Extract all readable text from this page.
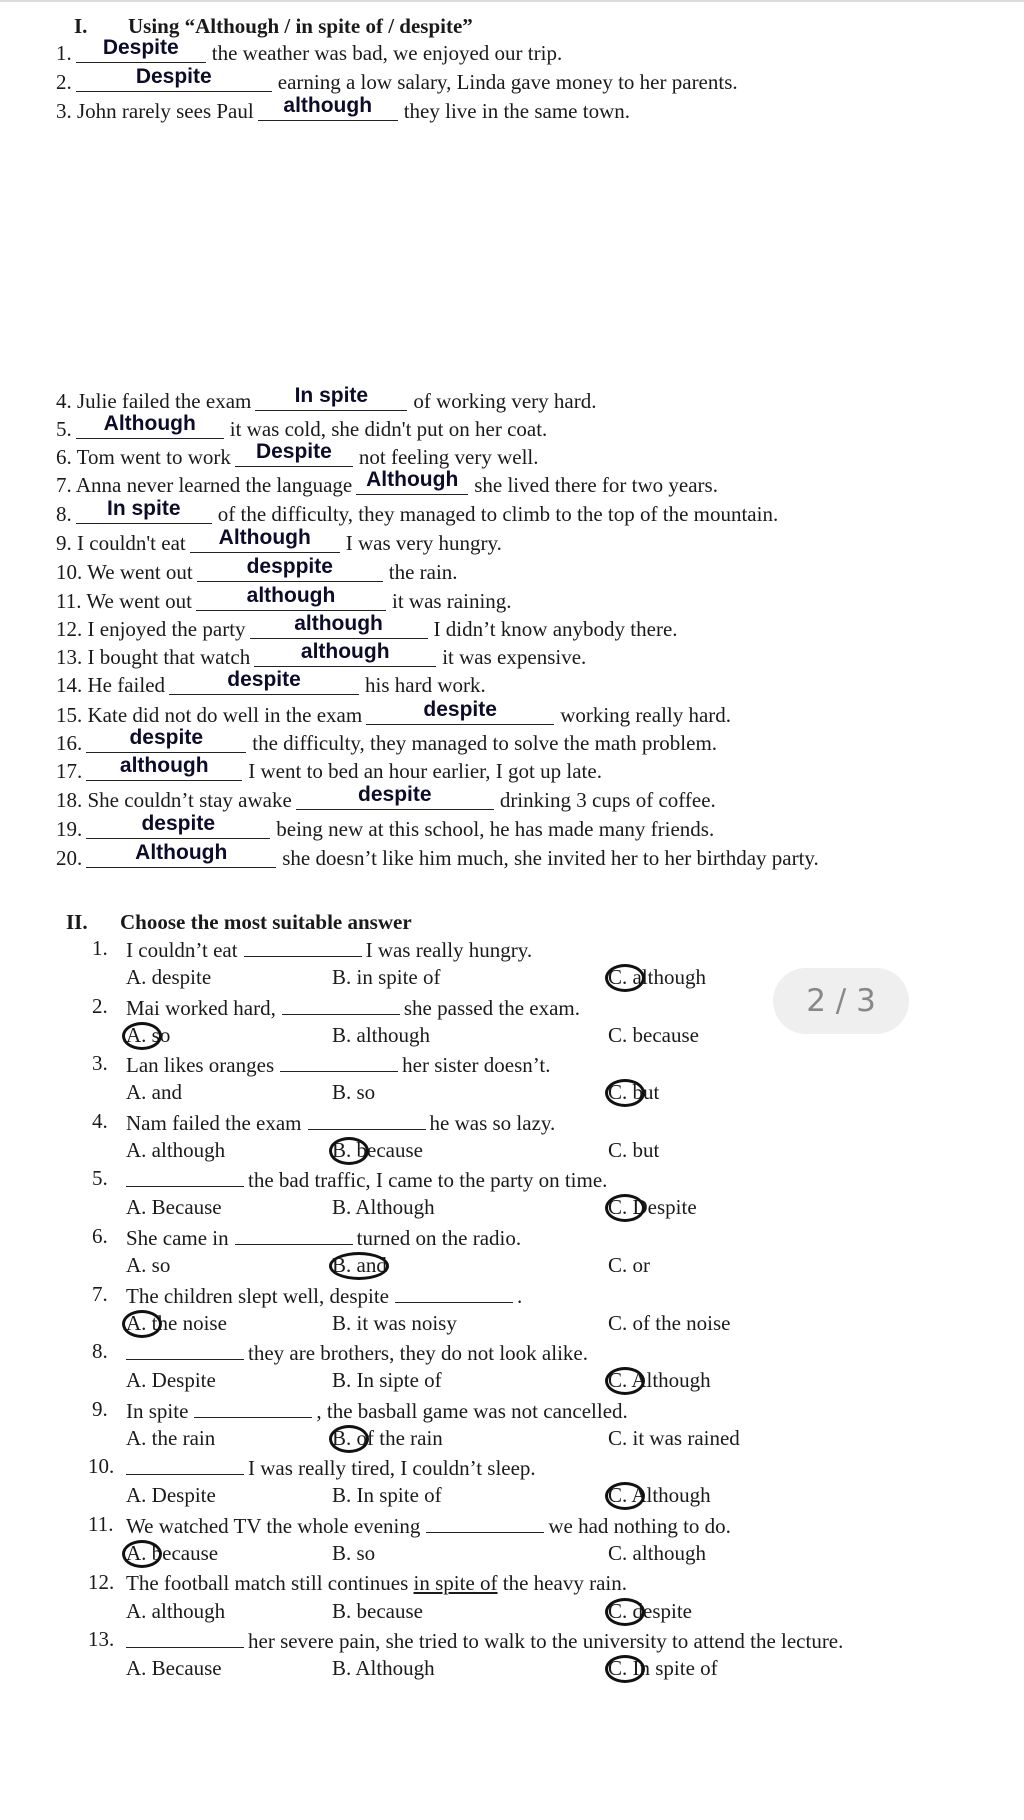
I. Using “Although / in spite of / despite”
1. Despite the weather was bad, we enjoyed our trip.
2.	Despite	earning a low salary, Linda gave money to her parents.
3. John rarely sees Paul although they live in the same town.
4. Julie failed the exam In spite of working very hard.
5. Although it was cold, she didn't put on her coat.
6. Tom went to work Despite not feeling very well.
7. Anna never learned the language Although she lived there for two years.
8. In spite of the difficulty, they managed to climb to the top of the mountain.
9. I couldn't eat Although I was very hungry.
10. We went out	desppite	the rain.
11. We went out	although	it was raining.
12. I enjoyed the party although I didn’t know anybody there.
13. I bought that watch although	it was expensive.
14. He failed	despite	his hard work.
15. Kate did not do well in the exam	despite	working really hard.
16. despite the difficulty, they managed to solve the math problem.
17. although I went to bed an hour earlier, I got up late.
18. She couldn’t stay awake	despite	drinking 3 cups of coffee.
19.	despite	being new at this school, he has made many friends.
20.	Although	she doesn’t like him much, she invited her to her birthday party.
II. Choose the most suitable answer
1. I couldn’t eat	I was really hungry.
A. despite	B. in spite of	C. although
2. Mai worked hard,	she passed the exam.
A. so	B. although	C. because
3. Lan likes oranges	her sister doesn’t.
A. and	B. so	C. but
4. Nam failed the exam	he was so lazy.
A. although	B. because	C. but
5.	the bad traffic, I came to the party on time.
A. Because	B. Although	C. Despite
6. She came in	turned on the radio.
A. so	B. and	C. or
7. The children slept well, despite	.
A. the noise	B. it was noisy	C. of the noise
8.	they are brothers, they do not look alike.
A. Despite	B. In sipte of	C. Although
9. In spite	, the basball game was not cancelled.
A. the rain	B. of the rain	C. it was rained
10.	I was really tired, I couldn’t sleep.
A. Despite	B. In spite of	C. Although
11. We watched TV the whole evening	we had nothing to do.
A. because	B. so	C. although
12. The football match still continues in spite of the heavy rain.
A. although	B. because	C. despite
13.	her severe pain, she tried to walk to the university to attend the lecture.
A. Because	B. Although	C. In spite of
2 / 3
